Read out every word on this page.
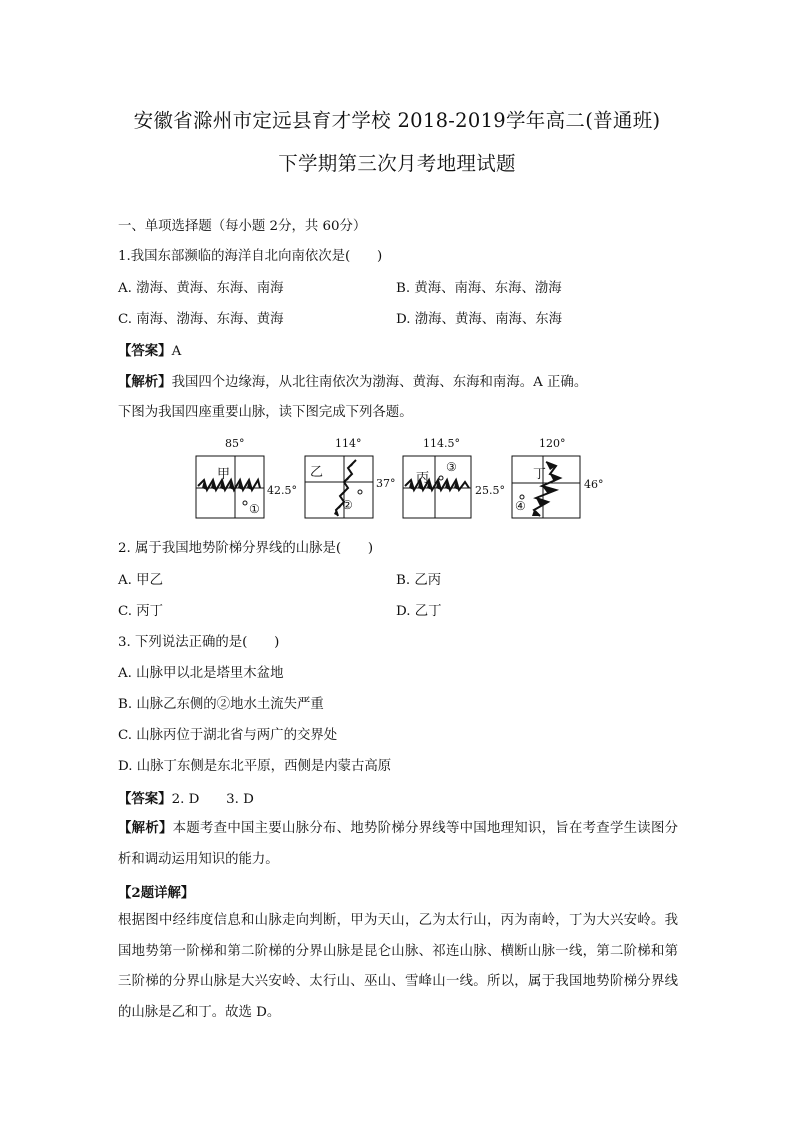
安徽省滁州市定远县育才学校 2018-2019学年高二(普通班)
下学期第三次月考地理试题
一、单项选择题（每小题 2分，共 60分）
1.我国东部濒临的海洋自北向南依次是(　　)
A. 渤海、黄海、东海、南海	B. 黄海、南海、东海、渤海
C. 南海、渤海、东海、黄海	D. 渤海、黄海、南海、东海
【答案】A
【解析】我国四个边缘海，从北往南依次为渤海、黄海、东海和南海。A 正确。
下图为我国四座重要山脉，读下图完成下列各题。
85°
42.5°
甲
①
114°
37°
乙
②
114.5°
25.5°
丙
③
120°
46°
丁
④
2. 属于我国地势阶梯分界线的山脉是(　　)
A. 甲乙	B. 乙丙
C. 丙丁	D. 乙丁
3. 下列说法正确的是(　　)
A. 山脉甲以北是塔里木盆地
B. 山脉乙东侧的②地水土流失严重
C. 山脉丙位于湖北省与两广的交界处
D. 山脉丁东侧是东北平原，西侧是内蒙古高原
【答案】2. D　　3. D
【解析】本题考查中国主要山脉分布、地势阶梯分界线等中国地理知识，旨在考查学生读图分析和调动运用知识的能力。
【2题详解】
根据图中经纬度信息和山脉走向判断，甲为天山，乙为太行山，丙为南岭，丁为大兴安岭。我国地势第一阶梯和第二阶梯的分界山脉是昆仑山脉、祁连山脉、横断山脉一线，第二阶梯和第三阶梯的分界山脉是大兴安岭、太行山、巫山、雪峰山一线。所以，属于我国地势阶梯分界线的山脉是乙和丁。故选 D。
